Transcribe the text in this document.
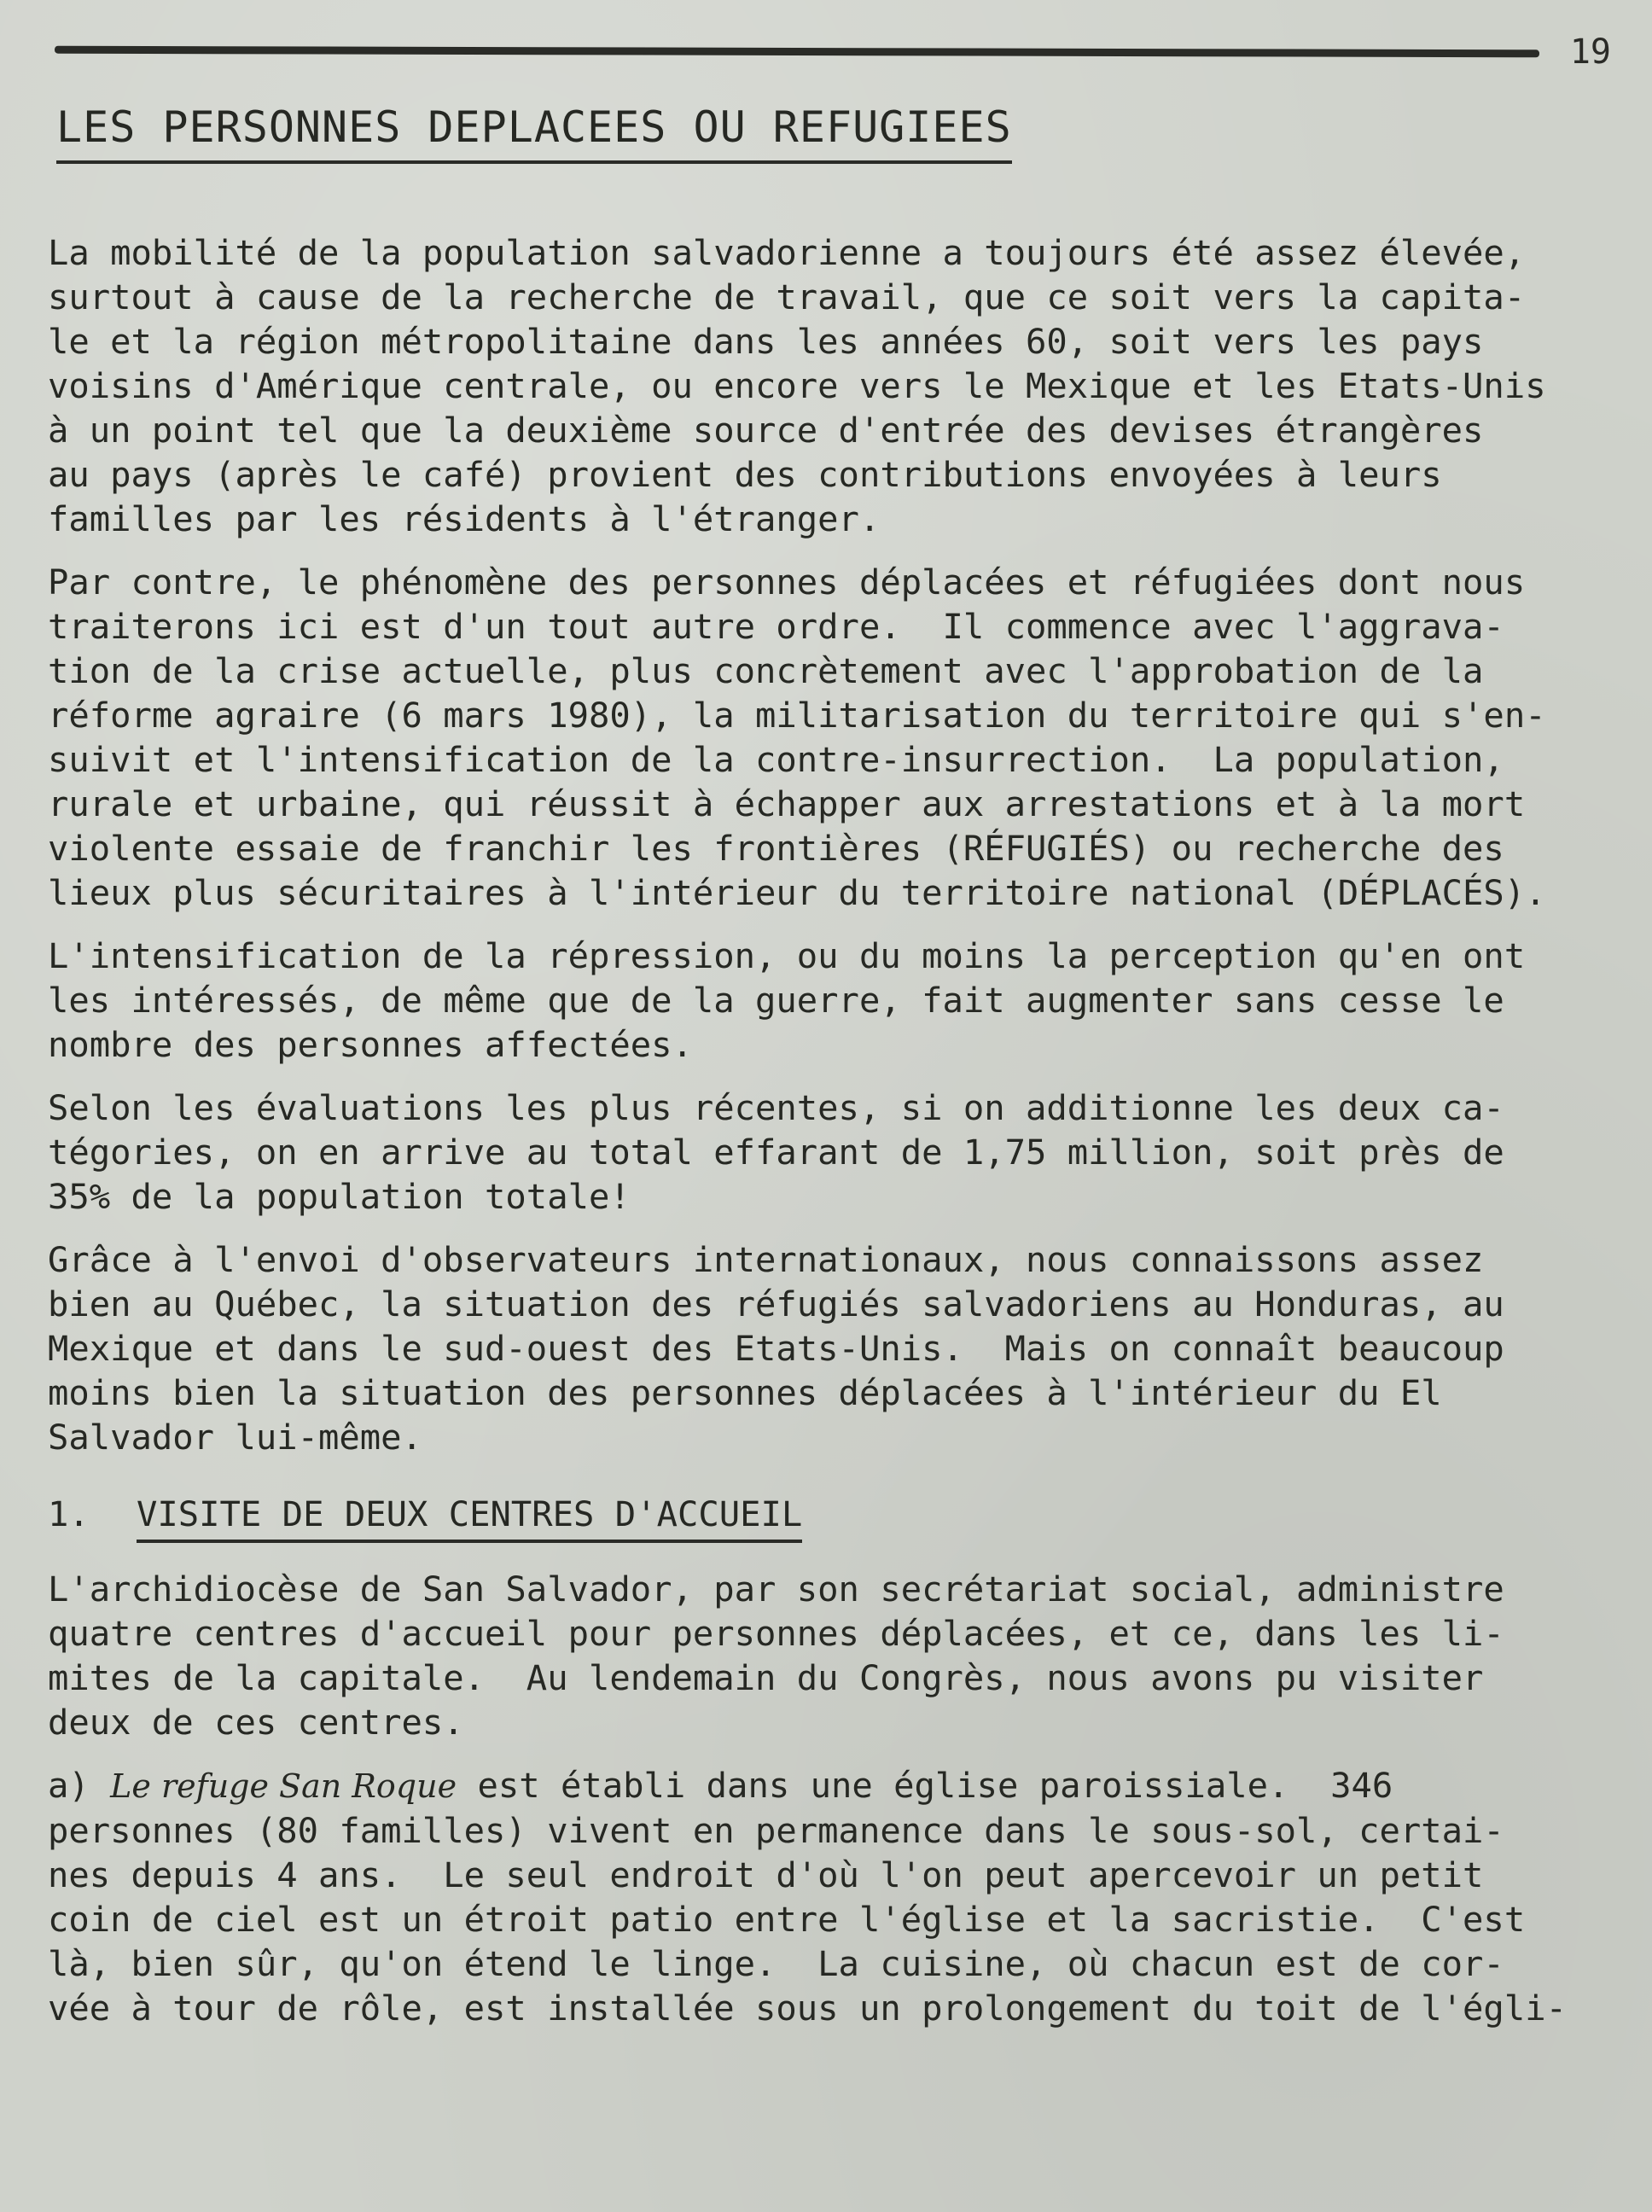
19
LES PERSONNES DEPLACEES OU REFUGIEES
La mobilité de la population salvadorienne a toujours été assez élevée,
surtout à cause de la recherche de travail, que ce soit vers la capita-
le et la région métropolitaine dans les années 60, soit vers les pays
voisins d'Amérique centrale, ou encore vers le Mexique et les Etats-Unis
à un point tel que la deuxième source d'entrée des devises étrangères
au pays (après le café) provient des contributions envoyées à leurs
familles par les résidents à l'étranger.
Par contre, le phénomène des personnes déplacées et réfugiées dont nous
traiterons ici est d'un tout autre ordre.  Il commence avec l'aggrava-
tion de la crise actuelle, plus concrètement avec l'approbation de la
réforme agraire (6 mars 1980), la militarisation du territoire qui s'en-
suivit et l'intensification de la contre-insurrection.  La population,
rurale et urbaine, qui réussit à échapper aux arrestations et à la mort
violente essaie de franchir les frontières (RÉFUGIÉS) ou recherche des
lieux plus sécuritaires à l'intérieur du territoire national (DÉPLACÉS).
L'intensification de la répression, ou du moins la perception qu'en ont
les intéressés, de même que de la guerre, fait augmenter sans cesse le
nombre des personnes affectées.
Selon les évaluations les plus récentes, si on additionne les deux ca-
tégories, on en arrive au total effarant de 1,75 million, soit près de
35% de la population totale!
Grâce à l'envoi d'observateurs internationaux, nous connaissons assez
bien au Québec, la situation des réfugiés salvadoriens au Honduras, au
Mexique et dans le sud-ouest des Etats-Unis.  Mais on connaît beaucoup
moins bien la situation des personnes déplacées à l'intérieur du El
Salvador lui-même.
1. VISITE DE DEUX CENTRES D'ACCUEIL
L'archidiocèse de San Salvador, par son secrétariat social, administre
quatre centres d'accueil pour personnes déplacées, et ce, dans les li-
mites de la capitale.  Au lendemain du Congrès, nous avons pu visiter
deux de ces centres.
a) Le refuge San Roque est établi dans une église paroissiale.  346
personnes (80 familles) vivent en permanence dans le sous-sol, certai-
nes depuis 4 ans.  Le seul endroit d'où l'on peut apercevoir un petit
coin de ciel est un étroit patio entre l'église et la sacristie.  C'est
là, bien sûr, qu'on étend le linge.  La cuisine, où chacun est de cor-
vée à tour de rôle, est installée sous un prolongement du toit de l'égli-
